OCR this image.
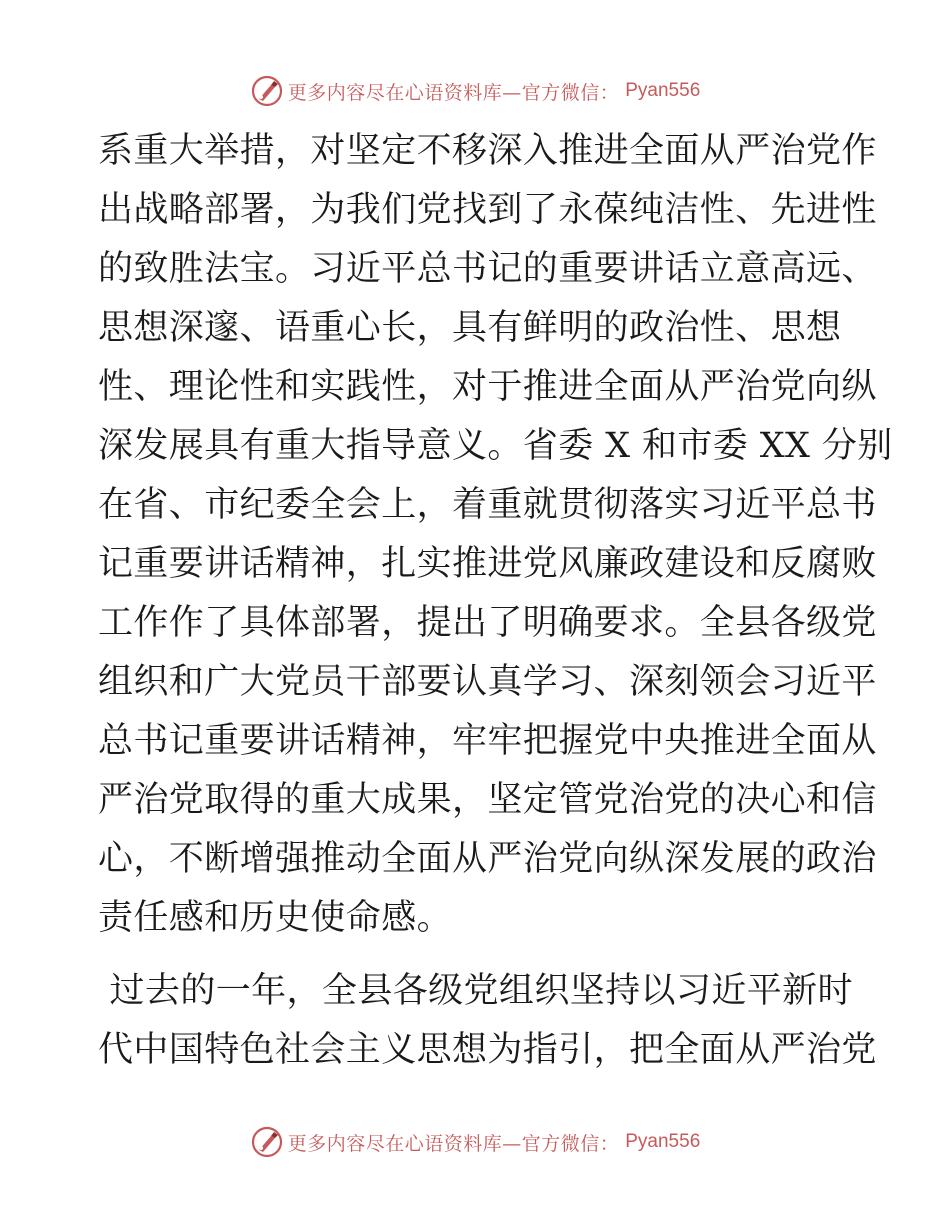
更多内容尽在心语资料库—官方微信： Pyan556
系重大举措，对坚定不移深入推进全面从严治党作
出战略部署，为我们党找到了永葆纯洁性、先进性
的致胜法宝。习近平总书记的重要讲话立意高远、
思想深邃、语重心长，具有鲜明的政治性、思想
性、理论性和实践性，对于推进全面从严治党向纵
深发展具有重大指导意义。省委 X 和市委 XX 分别
在省、市纪委全会上，着重就贯彻落实习近平总书
记重要讲话精神，扎实推进党风廉政建设和反腐败
工作作了具体部署，提出了明确要求。全县各级党
组织和广大党员干部要认真学习、深刻领会习近平
总书记重要讲话精神，牢牢把握党中央推进全面从
严治党取得的重大成果，坚定管党治党的决心和信
心，不断增强推动全面从严治党向纵深发展的政治
责任感和历史使命感。
过去的一年，全县各级党组织坚持以习近平新时
代中国特色社会主义思想为指引，把全面从严治党
更多内容尽在心语资料库—官方微信： Pyan556
